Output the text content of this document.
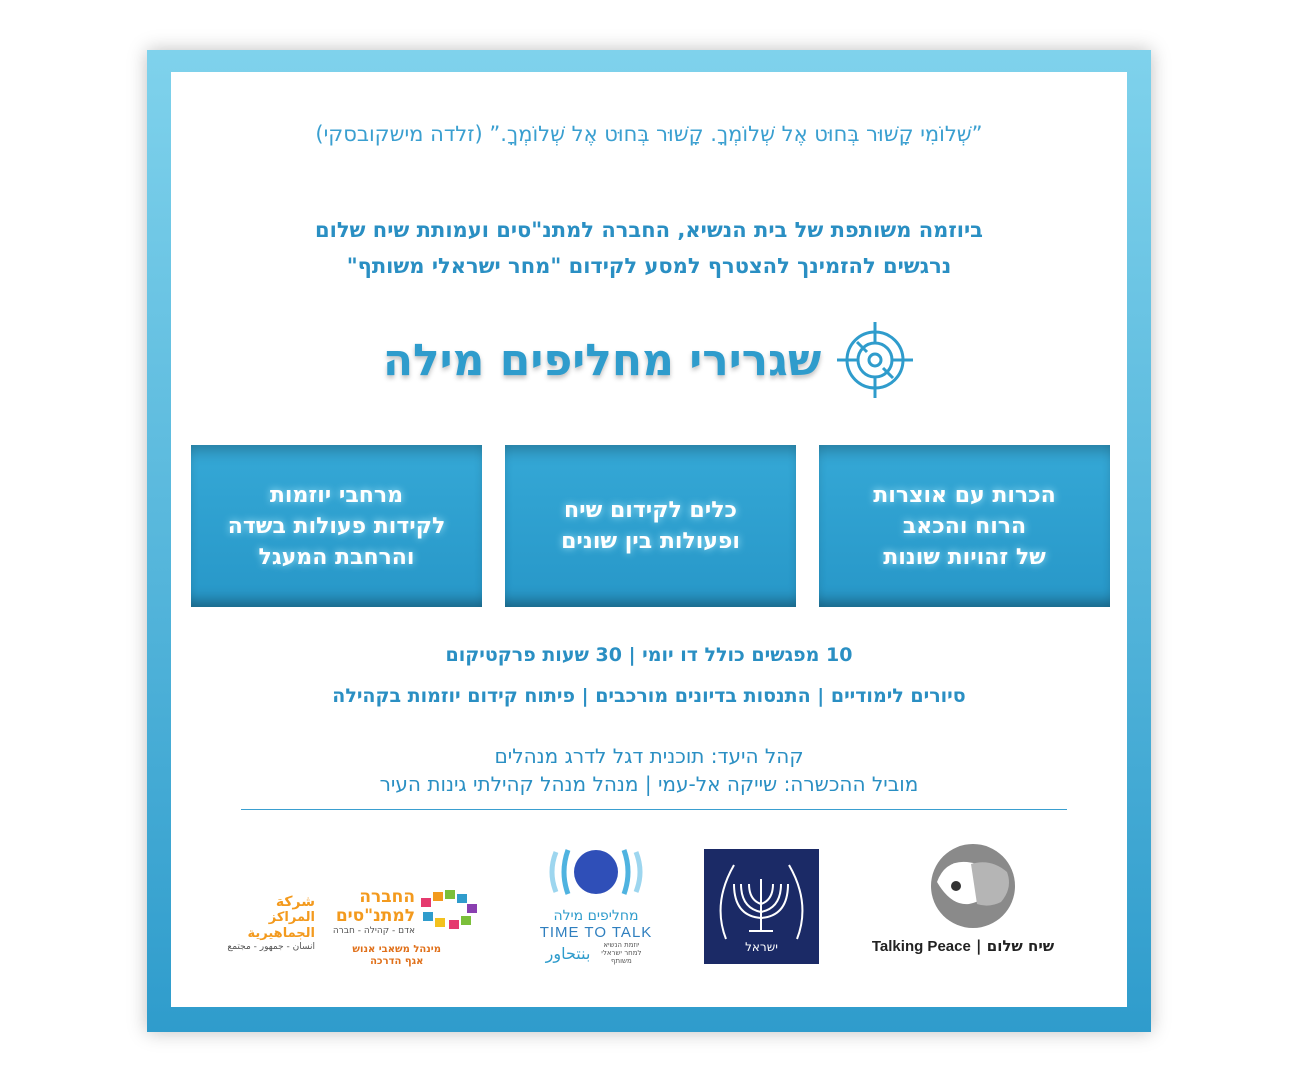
”שְׁלוֹמִי קָשׁוּר בְּחוּט אֶל שְׁלוֹמְךָ. קָשׁוּר בְּחוּט אֶל שְׁלוֹמְךָ.” (זלדה מישקובסקי)
ביוזמה משותפת של בית הנשיא, החברה למתנ"סים ועמותת שיח שלום
נרגשים להזמינך להצטרף למסע לקידום "מחר ישראלי משותף"
שגרירי מחליפים מילה
הכרות עם אוצרות
הרוח והכאב
של זהויות שונות
כלים לקידום שיח
ופעולות בין שונים
מרחבי יוזמות
לקידות פעולות בשדה
והרחבת המעגל
10 מפגשים כולל דו יומי | 30 שעות פרקטיקום
סיורים לימודיים | התנסות בדיונים מורכבים | פיתוח קידום יוזמות בקהילה
קהל היעד: תוכנית דגל לדרג מנהלים
מוביל ההכשרה: שייקה אל-עמי | מנהל מנהל קהילתי גינות העיר
Talking Peace | שיח שלום
ישראל
מחליפים מילה
TIME TO TALK
יוזמת הנשיא למחר ישראלי משותף
بنتحاور
החברה
למתנ"סים
אדם - קהילה - חברה
מינהל משאבי אנוש
אגף הדרכה
شركة
المراكز الجماهيرية
انسان - جمهور - مجتمع
